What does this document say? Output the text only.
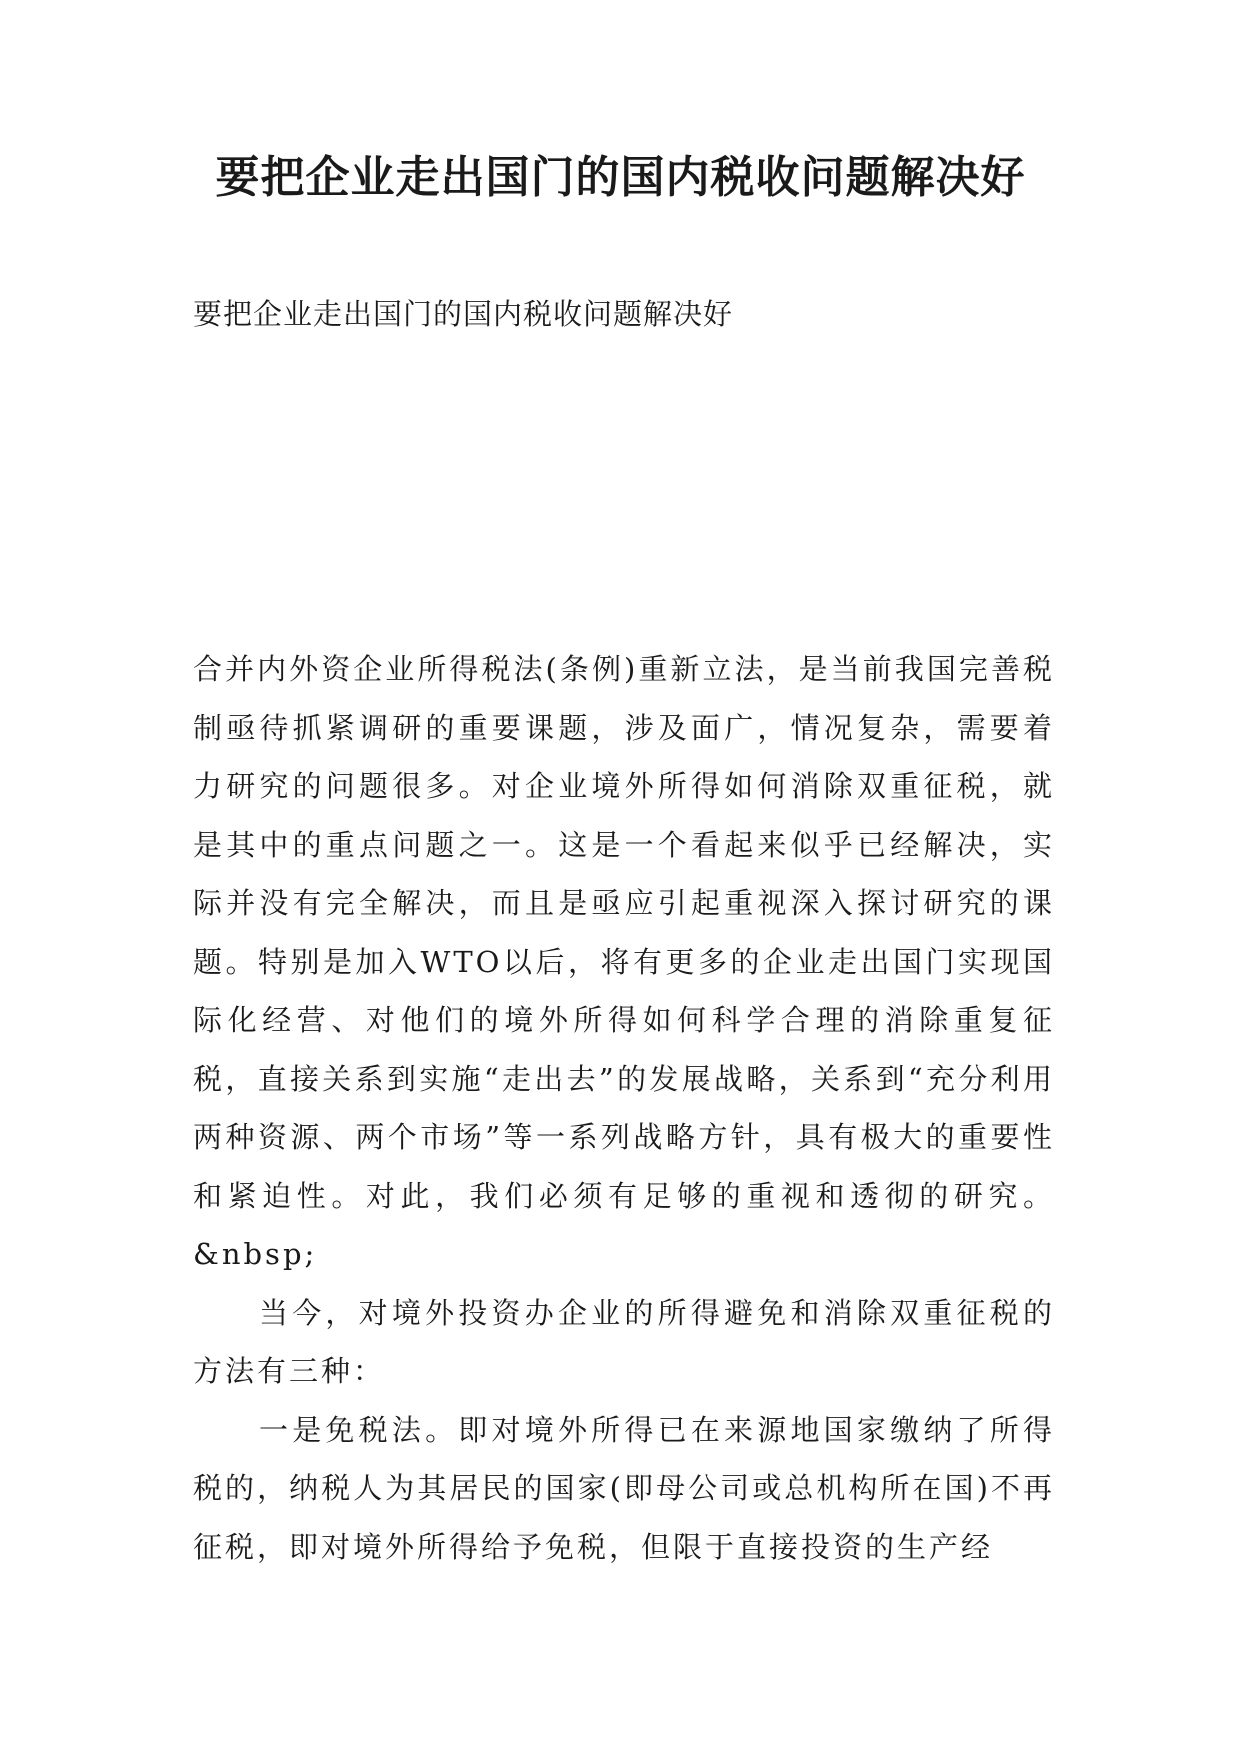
要把企业走出国门的国内税收问题解决好

要把企业走出国门的国内税收问题解决好

合并内外资企业所得税法(条例)重新立法，是当前我国完善税制亟待抓紧调研的重要课题，涉及面广，情况复杂，需要着力研究的问题很多。对企业境外所得如何消除双重征税，就是其中的重点问题之一。这是一个看起来似乎已经解决，实际并没有完全解决，而且是亟应引起重视深入探讨研究的课题。特别是加入WTO以后，将有更多的企业走出国门实现国际化经营、对他们的境外所得如何科学合理的消除重复征税，直接关系到实施“走出去”的发展战略，关系到“充分利用两种资源、两个市场”等一系列战略方针，具有极大的重要性和紧迫性。对此，我们必须有足够的重视和透彻的研究。&nbsp;

当今，对境外投资办企业的所得避免和消除双重征税的方法有三种：

一是免税法。即对境外所得已在来源地国家缴纳了所得税的，纳税人为其居民的国家(即母公司或总机构所在国)不再征税，即对境外所得给予免税，但限于直接投资的生产经
